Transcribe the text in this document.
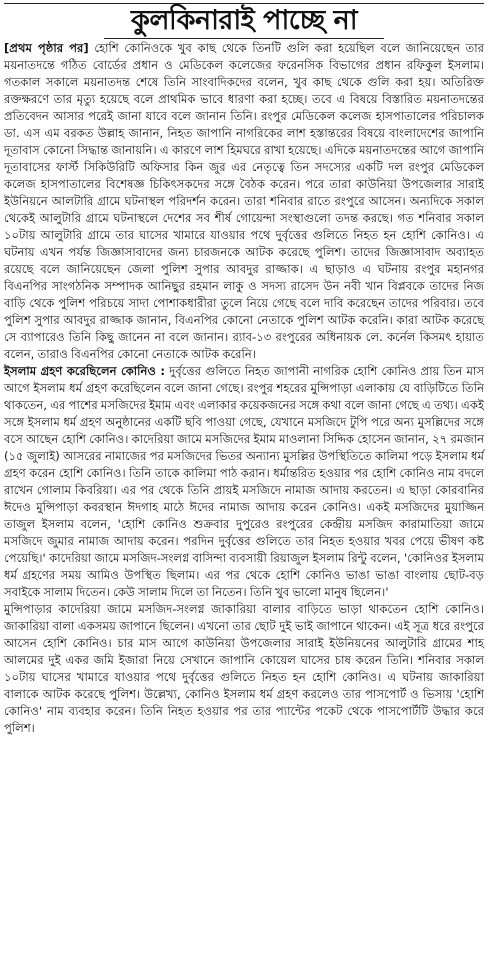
কুলকিনারাই পাচ্ছে না

[প্রথম পৃষ্ঠার পর] হোশি কোনিওকে খুব কাছ থেকে তিনটি গুলি করা হয়েছিল বলে জানিয়েছেন তার ময়নাতদন্তে গঠিত বোর্ডের প্রধান ও মেডিকেল কলেজের ফরেনসিক বিভাগের প্রধান রফিকুল ইসলাম। গতকাল সকালে ময়নাতদন্ত শেষে তিনি সাংবাদিকদের বলেন, খুব কাছ থেকে গুলি করা হয়। অতিরিক্ত রক্তক্ষরণে তার মৃত্যু হয়েছে বলে প্রাথমিক ভাবে ধারণা করা হচ্ছে। তবে এ বিষয়ে বিস্তারিত ময়নাতদন্তের প্রতিবেদন আসার পরেই জানা যাবে বলে জানান তিনি। রংপুর মেডিকেল কলেজ হাসপাতালের পরিচালক ডা. এস এম বরকত উল্লাহ জানান, নিহত জাপানি নাগরিকের লাশ হস্তান্তরের বিষয়ে বাংলাদেশের জাপানি দূতাবাস কোনো সিদ্ধান্ত জানায়নি। এ কারণে লাশ হিমঘরে রাখা হয়েছে। এদিকে ময়নাতদন্তের আগে জাপানি দূতাবাসের ফার্স্ট সিকিউরিটি অফিসার কিন জুর এর নেতৃত্বে তিন সদস্যের একটি দল রংপুর মেডিকেল কলেজ হাসপাতালের বিশেষজ্ঞ চিকিৎসকদের সঙ্গে বৈঠক করেন। পরে তারা কাউনিয়া উপজেলার সারাই ইউনিয়নে আলটারি গ্রামে ঘটনাস্থল পরিদর্শন করেন। তারা শনিবার রাতে রংপুরে আসেন। অন্যদিকে সকাল থেকেই আলুটারি গ্রামে ঘটনাস্থলে দেশের সব শীর্ষ গোয়েন্দা সংস্থাগুলো তদন্ত করছে। গত শনিবার সকাল ১০টায় আলুটারি গ্রামে তার ঘাসের খামারে যাওয়ার পথে দুর্বৃত্তের গুলিতে নিহত হন হোশি কোনিও। এ ঘটনায় এখন পর্যন্ত জিজ্ঞাসাবাদের জন্য চারজনকে আটক করেছে পুলিশ। তাদের জিজ্ঞাসাবাদ অব্যাহত রয়েছে বলে জানিয়েছেন জেলা পুলিশ সুপার আবদুর রাজ্জাক। এ ছাড়াও এ ঘটনায় রংপুর মহানগর বিএনপির সাংগঠনিক সম্পাদক আনিছুর রহমান লাকু ও সদস্য রাসেদ উন নবী খান বিপ্লবকে তাদের নিজ বাড়ি থেকে পুলিশ পরিচয়ে সাদা পোশাকধারীরা তুলে নিয়ে গেছে বলে দাবি করেছেন তাদের পরিবার। তবে পুলিশ সুপার আবদুর রাজ্জাক জানান, বিএনপির কোনো নেতাকে পুলিশ আটক করেনি। কারা আটক করেছে সে ব্যাপারেও তিনি কিছু জানেন না বলে জানান। র‌্যাব-১৩ রংপুরের অধিনায়ক লে. কর্নেল কিসমৎ হায়াত বলেন, তারাও বিএনপির কোনো নেতাকে আটক করেনি।

ইসলাম গ্রহণ করেছিলেন কোনিও : দুর্বৃত্তের গুলিতে নিহত জাপানী নাগরিক হোশি কোনিও প্রায় তিন মাস আগে ইসলাম ধর্ম গ্রহণ করেছিলেন বলে জানা গেছে। রংপুর শহরের মুন্সিপাড়া এলাকায় যে বাড়িটিতে তিনি থাকতেন, এর পাশের মসজিদের ইমাম এবং এলাকার কয়েকজনের সঙ্গে কথা বলে জানা গেছে এ তথ্য। একই সঙ্গে ইসলাম ধর্ম গ্রহণ অনুষ্ঠানের একটি ছবি পাওয়া গেছে, যেখানে মসজিদে টুপি পরে অন্য মুসল্লিদের সঙ্গে বসে আছেন হোশি কোনিও। কাদেরিয়া জামে মসজিদের ইমাম মাওলানা সিদ্দিক হোসেন জানান, ২৭ রমজান (১৫ জুলাই) আসরের নামাজের পর মসজিদের ভিতর অন্যান্য মুসল্লির উপস্থিতিতে কালিমা পড়ে ইসলাম ধর্ম গ্রহণ করেন হোশি কোনিও। তিনি তাকে কালিমা পাঠ করান। ধর্মান্তরিত হওয়ার পর হোশি কোনিও নাম বদলে রাখেন গোলাম কিবরিয়া। এর পর থেকে তিনি প্রায়ই মসজিদে নামাজ আদায় করতেন। এ ছাড়া কোরবানির ঈদেও মুন্সিপাড়া কবরস্থান ঈদগাহ মাঠে ঈদের নামাজ আদায় করেন কোনিও। একই মসজিদের মুয়াজ্জিন তাজুল ইসলাম বলেন, 'হোশি কোনিও শুক্রবার দুপুরেও রংপুরের কেন্দ্রীয় মসজিদ কারামাতিয়া জামে মসজিদে জুমার নামাজ আদায় করেন। পরদিন দুর্বৃত্তের গুলিতে তার নিহত হওয়ার খবর পেয়ে ভীষণ কষ্ট পেয়েছি।' কাদেরিয়া জামে মসজিদ-সংলগ্ন বাসিন্দা ব্যবসায়ী রিয়াজুল ইসলাম রিন্টু বলেন, 'কোনিওর ইসলাম ধর্ম গ্রহণের সময় আমিও উপস্থিত ছিলাম। এর পর থেকে হোশি কোনিও ভাঙা ভাঙা বাংলায় ছোট-বড় সবাইকে সালাম দিতেন। কেউ সালাম দিলে তা নিতেন। তিনি খুব ভালো মানুষ ছিলেন।'

মুন্সিপাড়ার কাদেরিয়া জামে মসজিদ-সংলগ্ন জাকারিয়া বালার বাড়িতে ভাড়া থাকতেন হোশি কোনিও। জাকারিয়া বালা একসময় জাপানে ছিলেন। এখনো তার ছোট দুই ভাই জাপানে থাকেন। এই সূত্র ধরে রংপুরে আসেন হোশি কোনিও। চার মাস আগে কাউনিয়া উপজেলার সারাই ইউনিয়নের আলুটারি গ্রামের শাহ আলমের দুই একর জমি ইজারা নিয়ে সেখানে জাপানি কোয়েল ঘাসের চাষ করেন তিনি। শনিবার সকাল ১০টায় ঘাসের খামারে যাওয়ার পথে দুর্বৃত্তের গুলিতে নিহত হন হোশি কোনিও। এ ঘটনায় জাকারিয়া বালাকে আটক করেছে পুলিশ। উল্লেখ্য, কোনিও ইসলাম ধর্ম গ্রহণ করলেও তার পাসপোর্ট ও ভিসায় 'হোশি কোনিও' নাম ব্যবহার করেন। তিনি নিহত হওয়ার পর তার প্যান্টের পকেট থেকে পাসপোর্টটি উদ্ধার করে পুলিশ।
